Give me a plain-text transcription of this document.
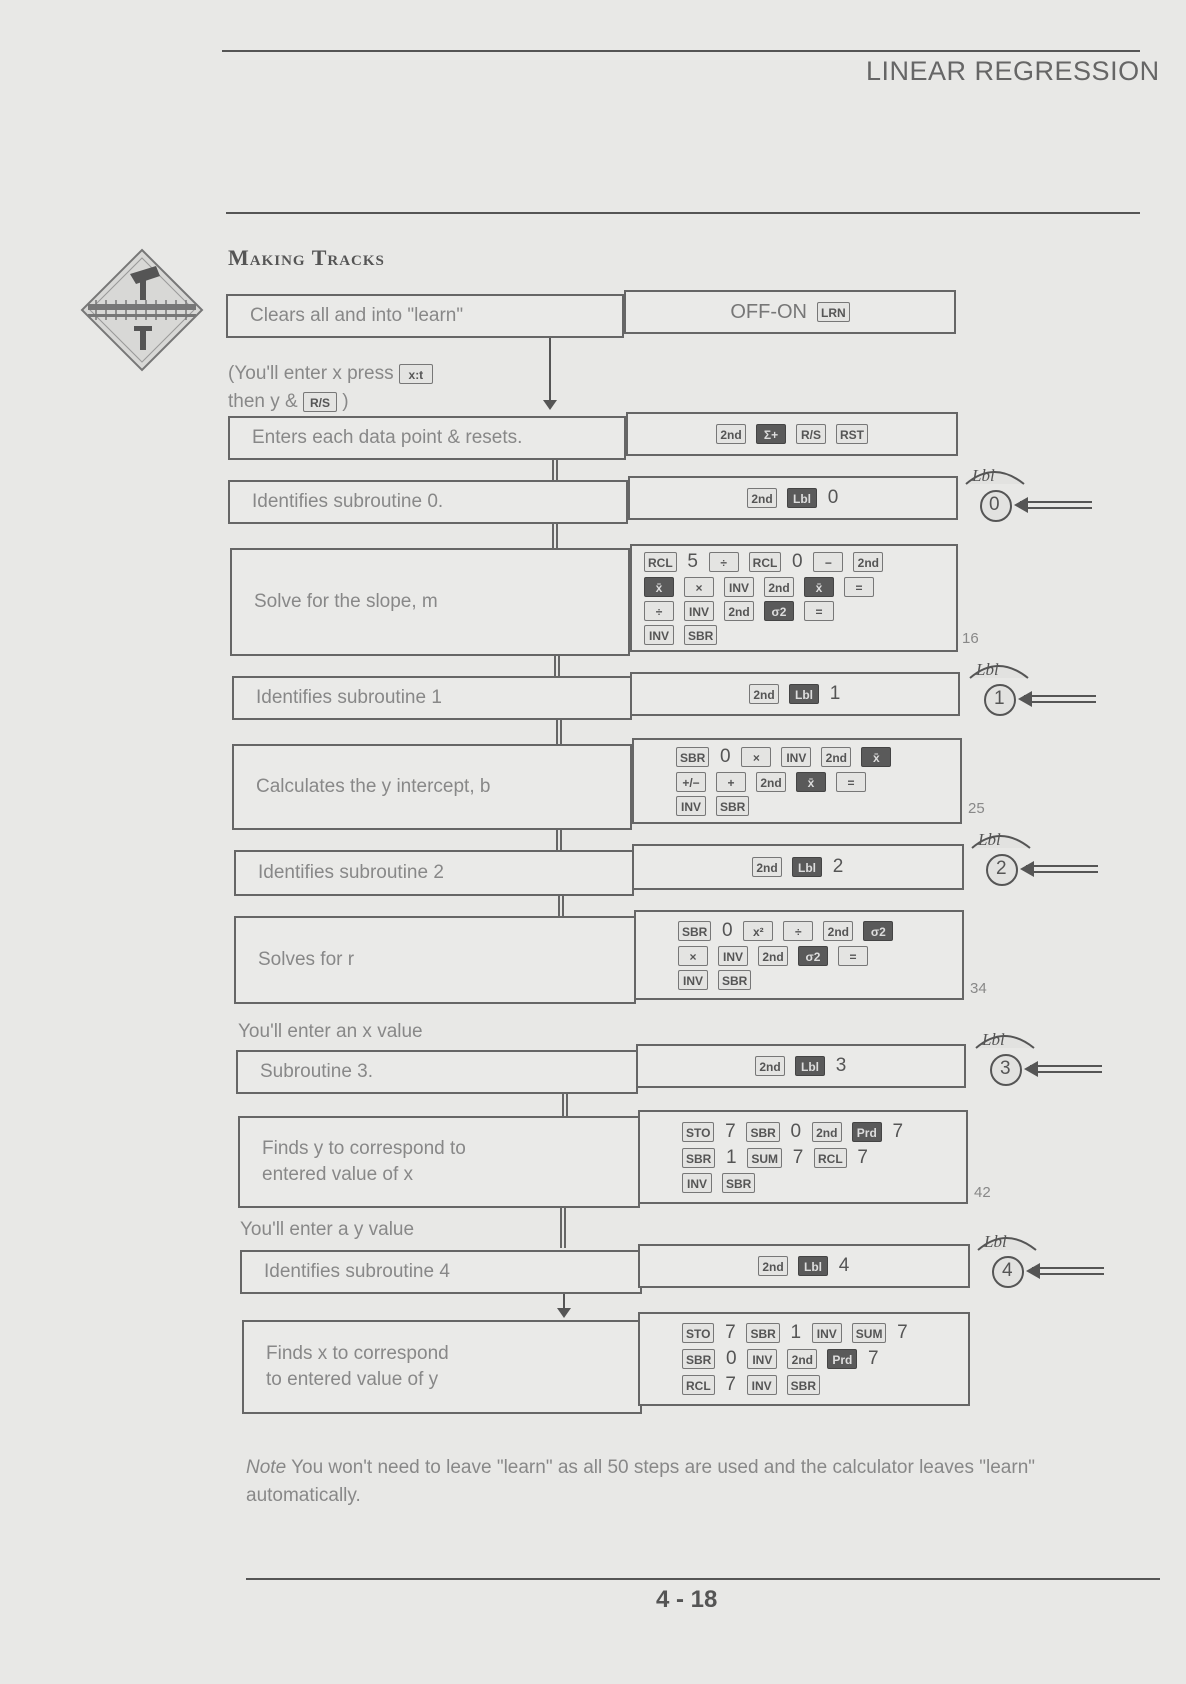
LINEAR REGRESSION
Making Tracks
Clears all and into "learn"	OFF-ON	LRN
(You'll enter x press x:t
then y & R/S )
Enters each data point & resets.	2nd	Σ+	R/S	RST
Identifies subroutine 0.	2nd	Lbl 0
Solve for the slope, m
RCL 5	÷	RCL 0	−	2nd
x̄	×	INV	2nd	x̄	=
÷	INV	2nd	σ2	=
INV	SBR	16
Identifies subroutine 1	2nd	Lbl 1
Calculates the y intercept, b
SBR 0	×	INV	2nd	x̄
+/−	+	2nd	x̄	=
INV	SBR	25
Identifies subroutine 2	2nd	Lbl 2
Solves for r
SBR 0	x²	÷	2nd	σ2
×	INV	2nd	σ2	=
INV	SBR	34
You'll enter an x value
Subroutine 3.	2nd	Lbl 3
Finds y to correspond to
entered value of x
STO 7	SBR 0	2nd	Prd 7
SBR 1	SUM 7	RCL 7
INV	SBR	42
You'll enter a y value
Identifies subroutine 4	2nd	Lbl 4
Finds x to correspond
to entered value of y
STO 7	SBR 1	INV	SUM 7
SBR 0	INV	2nd	Prd 7
RCL 7	INV	SBR
Lbl
0
Lbl
1
Lbl
2
Lbl
3
Lbl
4
Note You won't need to leave "learn" as all 50 steps are used and the calculator leaves "learn" automatically.
4 - 18
